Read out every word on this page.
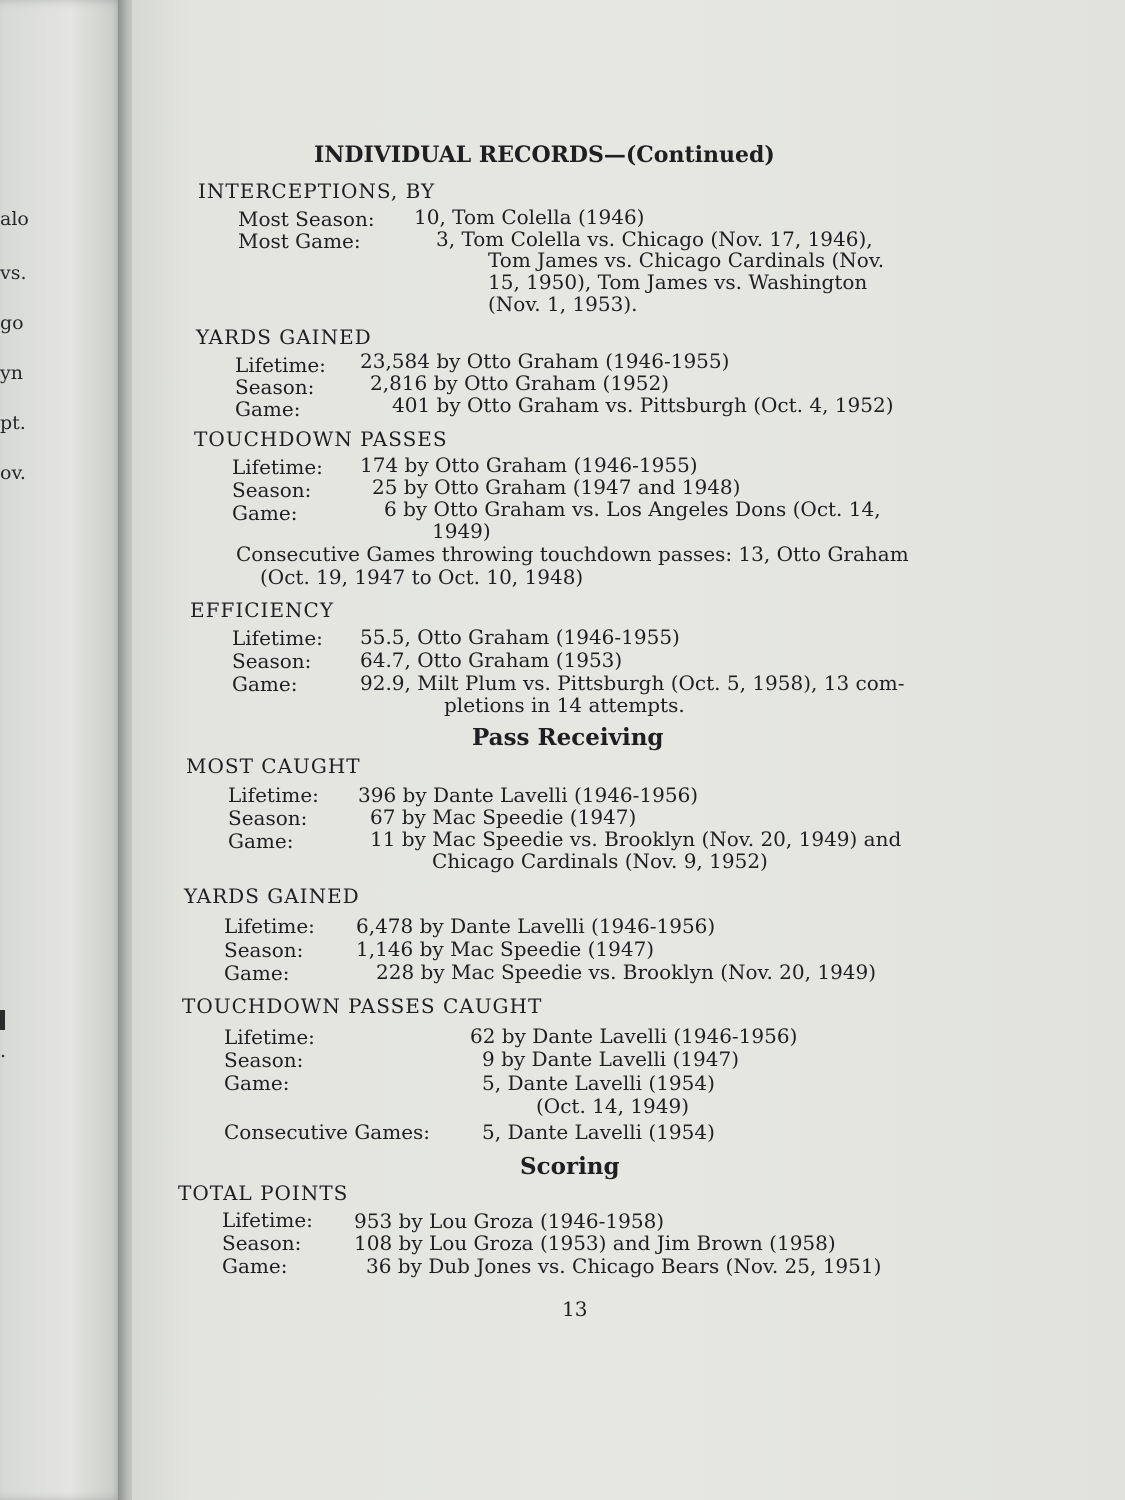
alo
vs.
go
yn
pt.
ov.
.
INDIVIDUAL RECORDS—(Continued)
INTERCEPTIONS, BY
Most Season: 10, Tom Colella (1946)
Most Game:	3, Tom Colella vs. Chicago (Nov. 17, 1946),
Tom James vs. Chicago Cardinals (Nov.
15, 1950), Tom James vs. Washington
(Nov. 1, 1953).
YARDS GAINED
Lifetime: 23,584 by Otto Graham (1946-1955)
Season:	2,816 by Otto Graham (1952)
Game:	401 by Otto Graham vs. Pittsburgh (Oct. 4, 1952)
TOUCHDOWN PASSES
Lifetime: 174 by Otto Graham (1946-1955)
Season:	25 by Otto Graham (1947 and 1948)
Game:	6 by Otto Graham vs. Los Angeles Dons (Oct. 14,
1949)
Consecutive Games throwing touchdown passes: 13, Otto Graham
(Oct. 19, 1947 to Oct. 10, 1948)
EFFICIENCY
Lifetime: 55.5, Otto Graham (1946-1955)
Season: 64.7, Otto Graham (1953)
Game:	92.9, Milt Plum vs. Pittsburgh (Oct. 5, 1958), 13 com-
pletions in 14 attempts.
Pass Receiving
MOST CAUGHT
Lifetime: 396 by Dante Lavelli (1946-1956)
Season:	67 by Mac Speedie (1947)
Game:	11 by Mac Speedie vs. Brooklyn (Nov. 20, 1949) and
Chicago Cardinals (Nov. 9, 1952)
YARDS GAINED
Lifetime: 6,478 by Dante Lavelli (1946-1956)
Season:	1,146 by Mac Speedie (1947)
Game:	228 by Mac Speedie vs. Brooklyn (Nov. 20, 1949)
TOUCHDOWN PASSES CAUGHT
Lifetime:	62 by Dante Lavelli (1946-1956)
Season:	9 by Dante Lavelli (1947)
Game:	5, Dante Lavelli (1954)
(Oct. 14, 1949)
Consecutive Games:	5, Dante Lavelli (1954)
Scoring
TOTAL POINTS
Lifetime: 953 by Lou Groza (1946-1958)
Season:	108 by Lou Groza (1953) and Jim Brown (1958)
Game:	36 by Dub Jones vs. Chicago Bears (Nov. 25, 1951)
13
